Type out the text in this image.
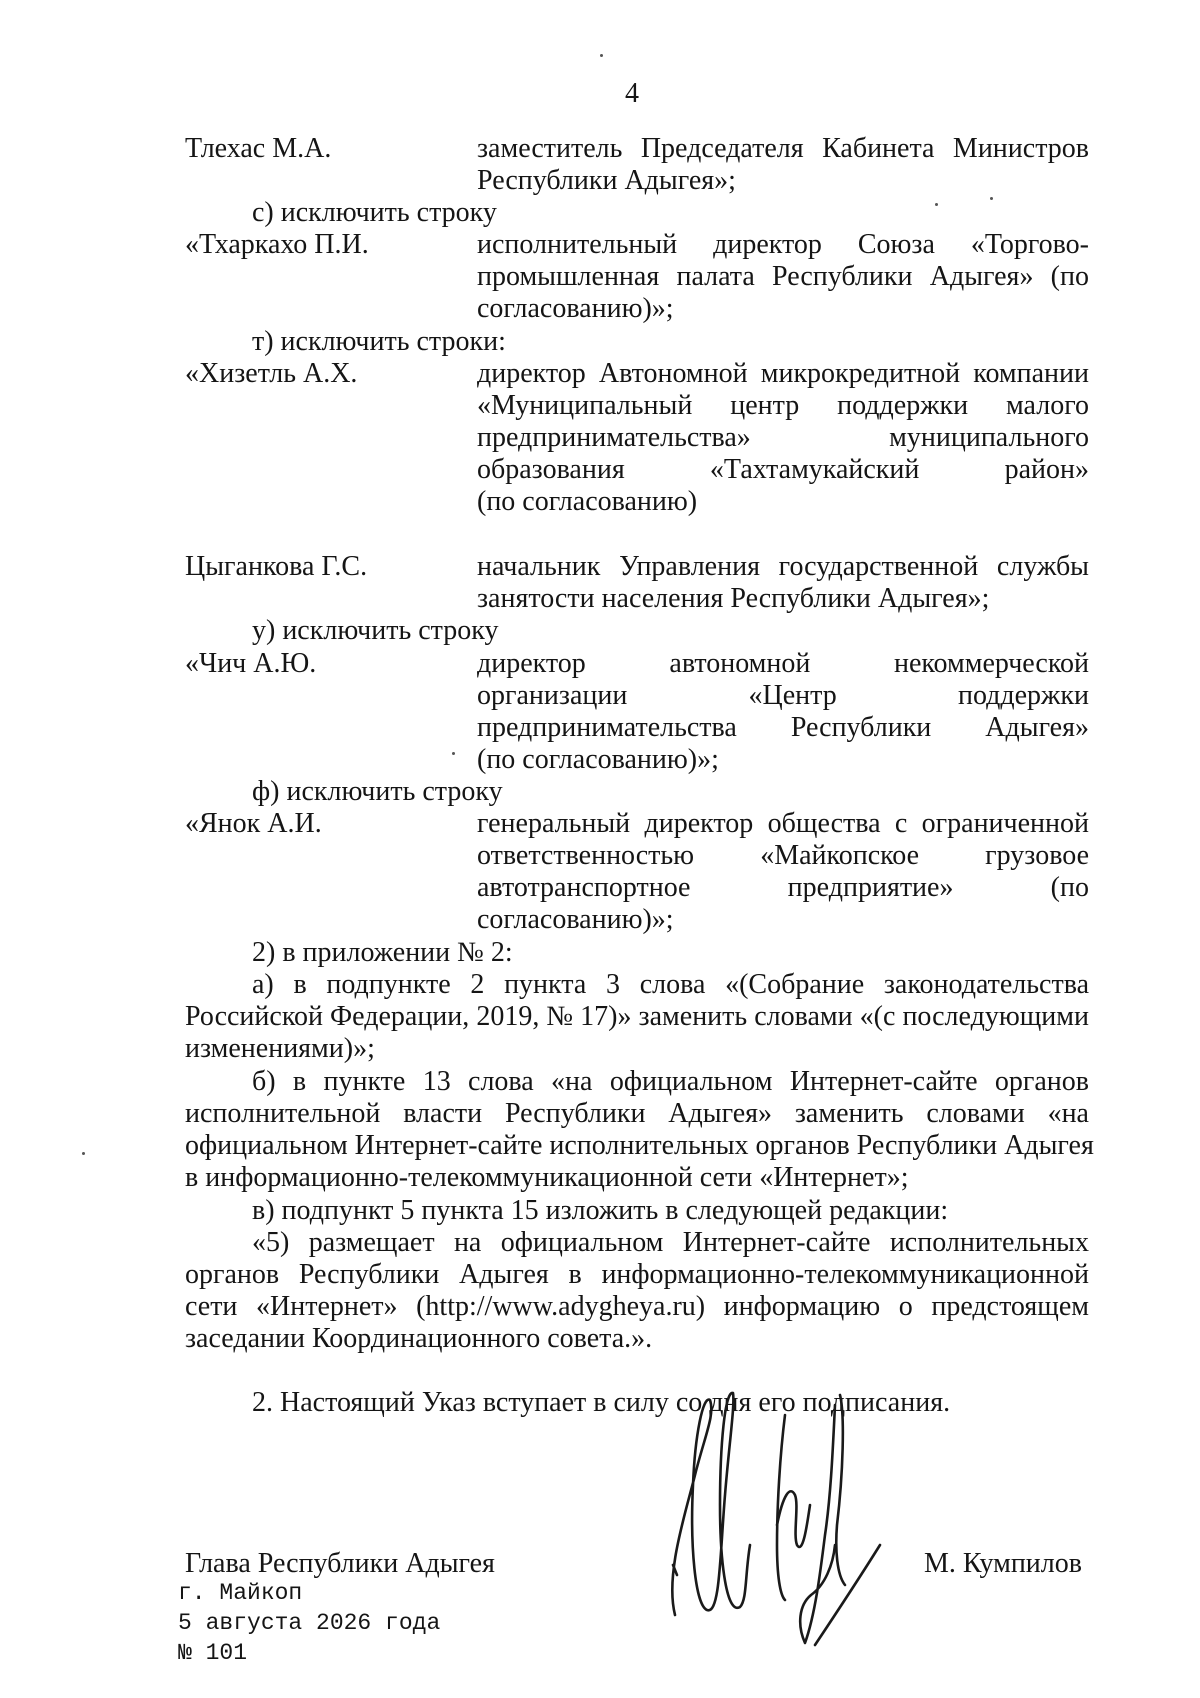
4
Тлехас М.А.	заместитель Председателя Кабинета Министров
Республики Адыгея»;
с) исключить строку
«Тхаркахо П.И.	исполнительный директор Союза «Торгово-
промышленная палата Республики Адыгея» (по
согласованию)»;
т) исключить строки:
«Хизетль А.Х.	директор Автономной микрокредитной компании
«Муниципальный центр поддержки малого
предпринимательства» муниципального
образования «Тахтамукайский район»
(по согласованию)
Цыганкова Г.С.	начальник Управления государственной службы
занятости населения Республики Адыгея»;
у) исключить строку
«Чич А.Ю.	директор автономной некоммерческой
организации «Центр поддержки
предпринимательства Республики Адыгея»
(по согласованию)»;
ф) исключить строку
«Янок А.И.	генеральный директор общества с ограниченной
ответственностью «Майкопское грузовое
автотранспортное предприятие» (по
согласованию)»;
2) в приложении № 2:
а) в подпункте 2 пункта 3 слова «(Собрание законодательства
Российской Федерации, 2019, № 17)» заменить словами «(с последующими
изменениями)»;
б) в пункте 13 слова «на официальном Интернет-сайте органов
исполнительной власти Республики Адыгея» заменить словами «на
официальном Интернет-сайте исполнительных органов Республики Адыгея
в информационно-телекоммуникационной сети «Интернет»;
в) подпункт 5 пункта 15 изложить в следующей редакции:
«5) размещает на официальном Интернет-сайте исполнительных
органов Республики Адыгея в информационно-телекоммуникационной
сети «Интернет» (http://www.adygheya.ru) информацию о предстоящем
заседании Координационного совета.».
2. Настоящий Указ вступает в силу со дня его подписания.
Глава Республики Адыгея	М. Кумпилов
г. Майкоп
5 августа 2026 года
№ 101
